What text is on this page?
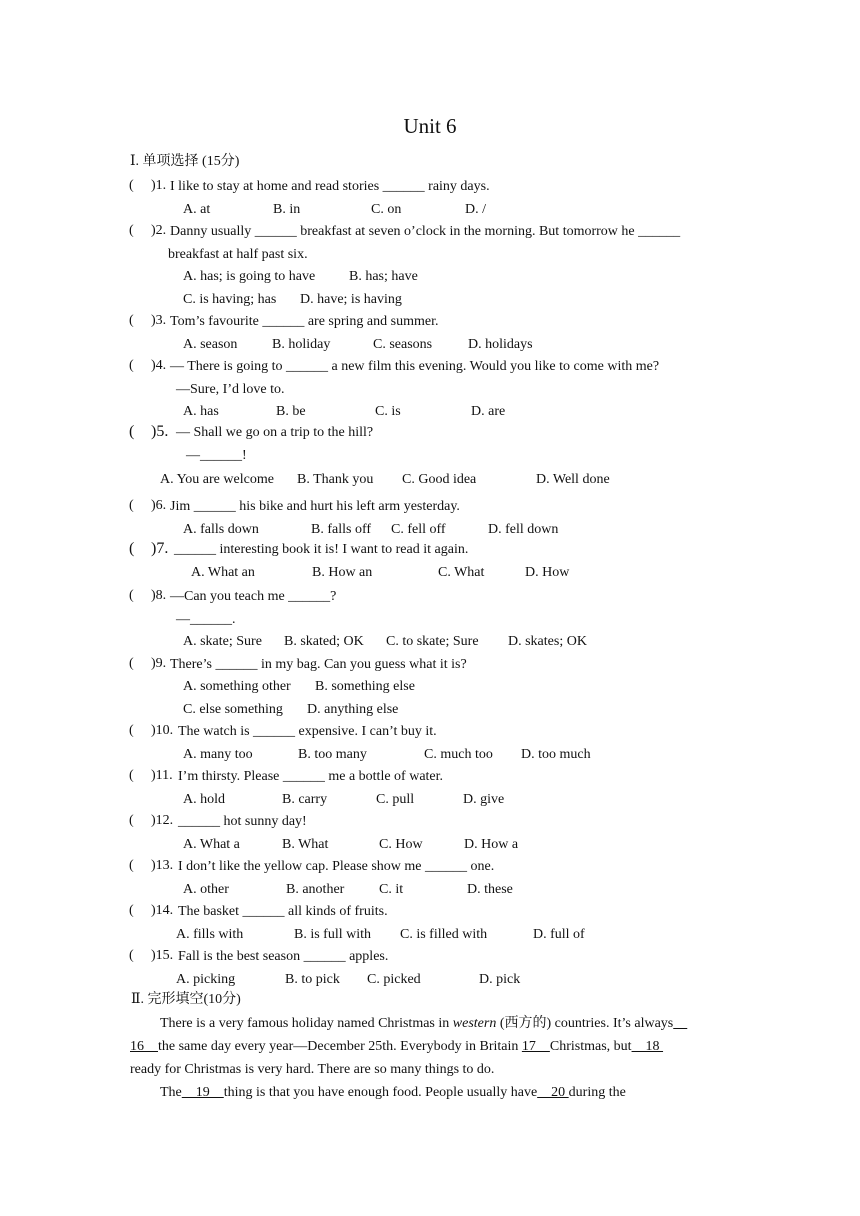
Unit 6
Ⅰ. 单项选择 (15分)
( )1. I like to stay at home and read stories ______ rainy days.
A. at	B. in	C. on	D. /
( )2. Danny usually ______ breakfast at seven o’clock in the morning. But tomorrow he ______
breakfast at half past six.
A. has; is going to have B. has; have
C. is having; has D. have; is having
( )3. Tom’s favourite ______ are spring and summer.
A. season B. holiday	C. seasons	D. holidays
( )4. — There is going to ______ a new film this evening. Would you like to come with me?
—Sure, I’d love to.
A. has	B. be	C. is	D. are
( )5. — Shall we go on a trip to the hill?
—______!
A. You are welcome B. Thank you C. Good idea	D. Well done
( )6. Jim ______ his bike and hurt his left arm yesterday.
A. falls down	B. falls off C. fell off	D. fell down
( )7. ______ interesting book it is! I want to read it again.
A. What an	B. How an	C. What	D. How
( )8. —Can you teach me ______?
—______.
A. skate; Sure B. skated; OK C. to skate; Sure D. skates; OK
( )9. There’s ______ in my bag. Can you guess what it is?
A. something other B. something else
C. else something D. anything else
( )10. The watch is ______ expensive. I can’t buy it.
A. many too	B. too many	C. much too D. too much
( )11. I’m thirsty. Please ______ me a bottle of water.
A. hold	B. carry	C. pull	D. give
( )12. ______ hot sunny day!
A. What a	B. What	C. How	D. How a
( )13. I don’t like the yellow cap. Please show me ______ one.
A. other	B. another C. it	D. these
( )14. The basket ______ all kinds of fruits.
A. fills with	B. is full with C. is filled with	D. full of
( )15. Fall is the best season ______ apples.
A. picking	B. to pick C. picked	D. pick
Ⅱ. 完形填空(10分)
There is a very famous holiday named Christmas in western (西方的) countries. It’s always
16    the same day every year—December 25th. Everybody in Britain 17    Christmas, but    18
ready for Christmas is very hard. There are so many things to do.
The    19    thing is that you have enough food. People usually have    20 during the
